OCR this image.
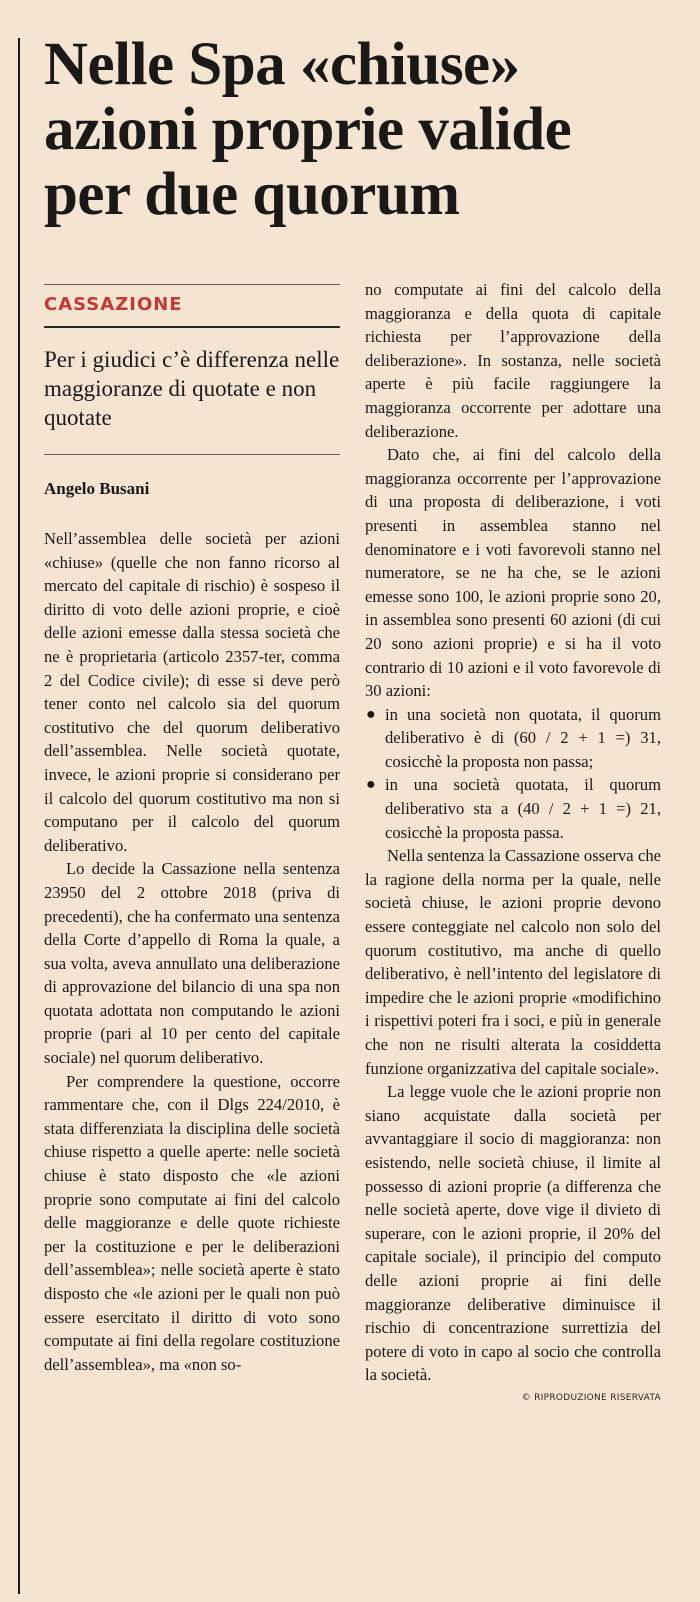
Nelle Spa «chiuse» azioni proprie valide per due quorum
CASSAZIONE
Per i giudici c’è differenza nelle maggioranze di quotate e non quotate
Angelo Busani

Nell’assemblea delle società per azioni «chiuse» (quelle che non fanno ricorso al mercato del capitale di rischio) è sospeso il diritto di voto delle azioni proprie, e cioè delle azioni emesse dalla stessa società che ne è proprietaria (articolo 2357-ter, comma 2 del Codice civile); di esse si deve però tener conto nel calcolo sia del quorum costitutivo che del quorum deliberativo dell’assemblea. Nelle società quotate, invece, le azioni proprie si considerano per il calcolo del quorum costitutivo ma non si computano per il calcolo del quorum deliberativo.

Lo decide la Cassazione nella sentenza 23950 del 2 ottobre 2018 (priva di precedenti), che ha confermato una sentenza della Corte d’appello di Roma la quale, a sua volta, aveva annullato una deliberazione di approvazione del bilancio di una spa non quotata adottata non computando le azioni proprie (pari al 10 per cento del capitale sociale) nel quorum deliberativo.

Per comprendere la questione, occorre rammentare che, con il Dlgs 224/2010, è stata differenziata la disciplina delle società chiuse rispetto a quelle aperte: nelle società chiuse è stato disposto che «le azioni proprie sono computate ai fini del calcolo delle maggioranze e delle quote richieste per la costituzione e per le deliberazioni dell’assemblea»; nelle società aperte è stato disposto che «le azioni per le quali non può essere esercitato il diritto di voto sono computate ai fini della regolare costituzione dell’assemblea», ma «non so-

no computate ai fini del calcolo della maggioranza e della quota di capitale richiesta per l’approvazione della deliberazione». In sostanza, nelle società aperte è più facile raggiungere la maggioranza occorrente per adottare una deliberazione.

Dato che, ai fini del calcolo della maggioranza occorrente per l’approvazione di una proposta di deliberazione, i voti presenti in assemblea stanno nel denominatore e i voti favorevoli stanno nel numeratore, se ne ha che, se le azioni emesse sono 100, le azioni proprie sono 20, in assemblea sono presenti 60 azioni (di cui 20 sono azioni proprie) e si ha il voto contrario di 10 azioni e il voto favorevole di 30 azioni:

● in una società non quotata, il quorum deliberativo è di (60 / 2 + 1 =) 31, cosicchè la proposta non passa;
● in una società quotata, il quorum deliberativo sta a (40 / 2 + 1 =) 21, cosicchè la proposta passa.

Nella sentenza la Cassazione osserva che la ragione della norma per la quale, nelle società chiuse, le azioni proprie devono essere conteggiate nel calcolo non solo del quorum costitutivo, ma anche di quello deliberativo, è nell’intento del legislatore di impedire che le azioni proprie «modifichino i rispettivi poteri fra i soci, e più in generale che non ne risulti alterata la cosiddetta funzione organizzativa del capitale sociale».

La legge vuole che le azioni proprie non siano acquistate dalla società per avvantaggiare il socio di maggioranza: non esistendo, nelle società chiuse, il limite al possesso di azioni proprie (a differenza che nelle società aperte, dove vige il divieto di superare, con le azioni proprie, il 20% del capitale sociale), il principio del computo delle azioni proprie ai fini delle maggioranze deliberative diminuisce il rischio di concentrazione surrettizia del potere di voto in capo al socio che controlla la società.

© RIPRODUZIONE RISERVATA
